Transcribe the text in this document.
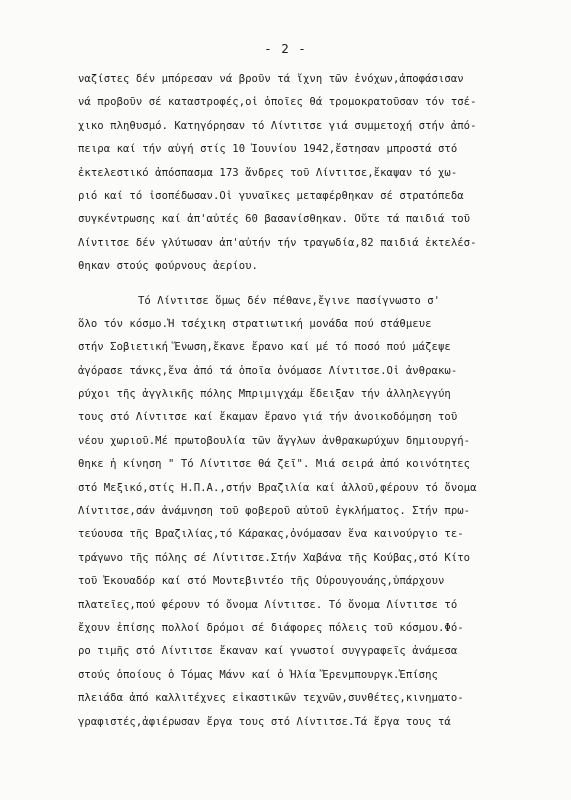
- 2 -
ναζίστες δέν μπόρεσαν νά βροῦν τά ἴχνη τῶν ἐνόχων,ἀποφάσισαν
νά προβοῦν σέ καταστροφές,οἱ ὁποῖες θά τρομοκρατοῦσαν τόν τσέ-
χικο πληθυσμό. Κατηγόρησαν τό Λίντιτσε γιά συμμετοχή στήν ἀπό-
πειρα καί τήν αὐγή στίς 10 Ἰουνίου 1942,ἔστησαν μπροστά στό
ἐκτελεστικό ἀπόσπασμα 173 ἄνδρες τοῦ Λίντιτσε,ἔκαψαν τό χω-
ριό καί τό ἰσοπέδωσαν.Οἱ γυναῖκες μεταφέρθηκαν σέ στρατόπεδα
συγκέντρωσης καί ἀπ'αὐτές 60 βασανίσθηκαν. Οὔτε τά παιδιά τοῦ
Λίντιτσε δέν γλύτωσαν ἀπ'αὐτήν τήν τραγωδία,82 παιδιά ἐκτελέσ-
θηκαν στούς φούρνους ἀερίου.
Τό Λίντιτσε ὅμως δέν πέθανε,ἔγινε πασίγνωστο σ'
ὅλο τόν κόσμο.Ἡ τσέχικη στρατιωτική μονάδα πού στάθμευε
στήν Σοβιετική Ἕνωση,ἔκανε ἔρανο καί μέ τό ποσό πού μάζεψε
ἀγόρασε τάνκς,ἕνα ἀπό τά ὁποῖα ὀνόμασε Λίντιτσε.Οἱ ἀνθρακω-
ρύχοι τῆς ἀγγλικῆς πόλης Μπριμιγχάμ ἔδειξαν τήν ἀλληλεγγύη
τους στό Λίντιτσε καί ἔκαμαν ἔρανο γιά τήν ἀνοικοδόμηση τοῦ
νέου χωριοῦ.Μέ πρωτοβουλία τῶν ἄγγλων ἀνθρακωρύχων δημιουργή-
θηκε ἡ κίνηση " Τό Λίντιτσε θά ζεῖ". Μιά σειρά ἀπό κοινότητες
στό Μεξικό,στίς Η.Π.Α.,στήν Βραζιλία καί ἀλλοῦ,φέρουν τό ὄνομα
Λίντιτσε,σάν ἀνάμνηση τοῦ φοβεροῦ αὐτοῦ ἐγκλήματος. Στήν πρω-
τεύουσα τῆς Βραζιλίας,τό Κάρακας,ὀνόμασαν ἕνα καινούργιο τε-
τράγωνο τῆς πόλης σέ Λίντιτσε.Στήν Χαβάνα τῆς Κούβας,στό Κίτο
τοῦ Ἐκουαδόρ καί στό Μοντεβιντέο τῆς Οὐρουγουάης,ὑπάρχουν
πλατεῖες,πού φέρουν τό ὄνομα Λίντιτσε. Τό ὄνομα Λίντιτσε τό
ἔχουν ἐπίσης πολλοί δρόμοι σέ διάφορες πόλεις τοῦ κόσμου.Φό-
ρο τιμῆς στό Λίντιτσε ἔκαναν καί γνωστοί συγγραφεῖς ἀνάμεσα
στούς ὁποίους ὁ Τόμας Μάνν καί ὁ Ἠλία Ἔρενμπουργκ.Ἐπίσης
πλειάδα ἀπό καλλιτέχνες εἰκαστικῶν τεχνῶν,συνθέτες,κινηματο-
γραφιστές,ἀφιέρωσαν ἔργα τους στό Λίντιτσε.Τά ἔργα τους τά
